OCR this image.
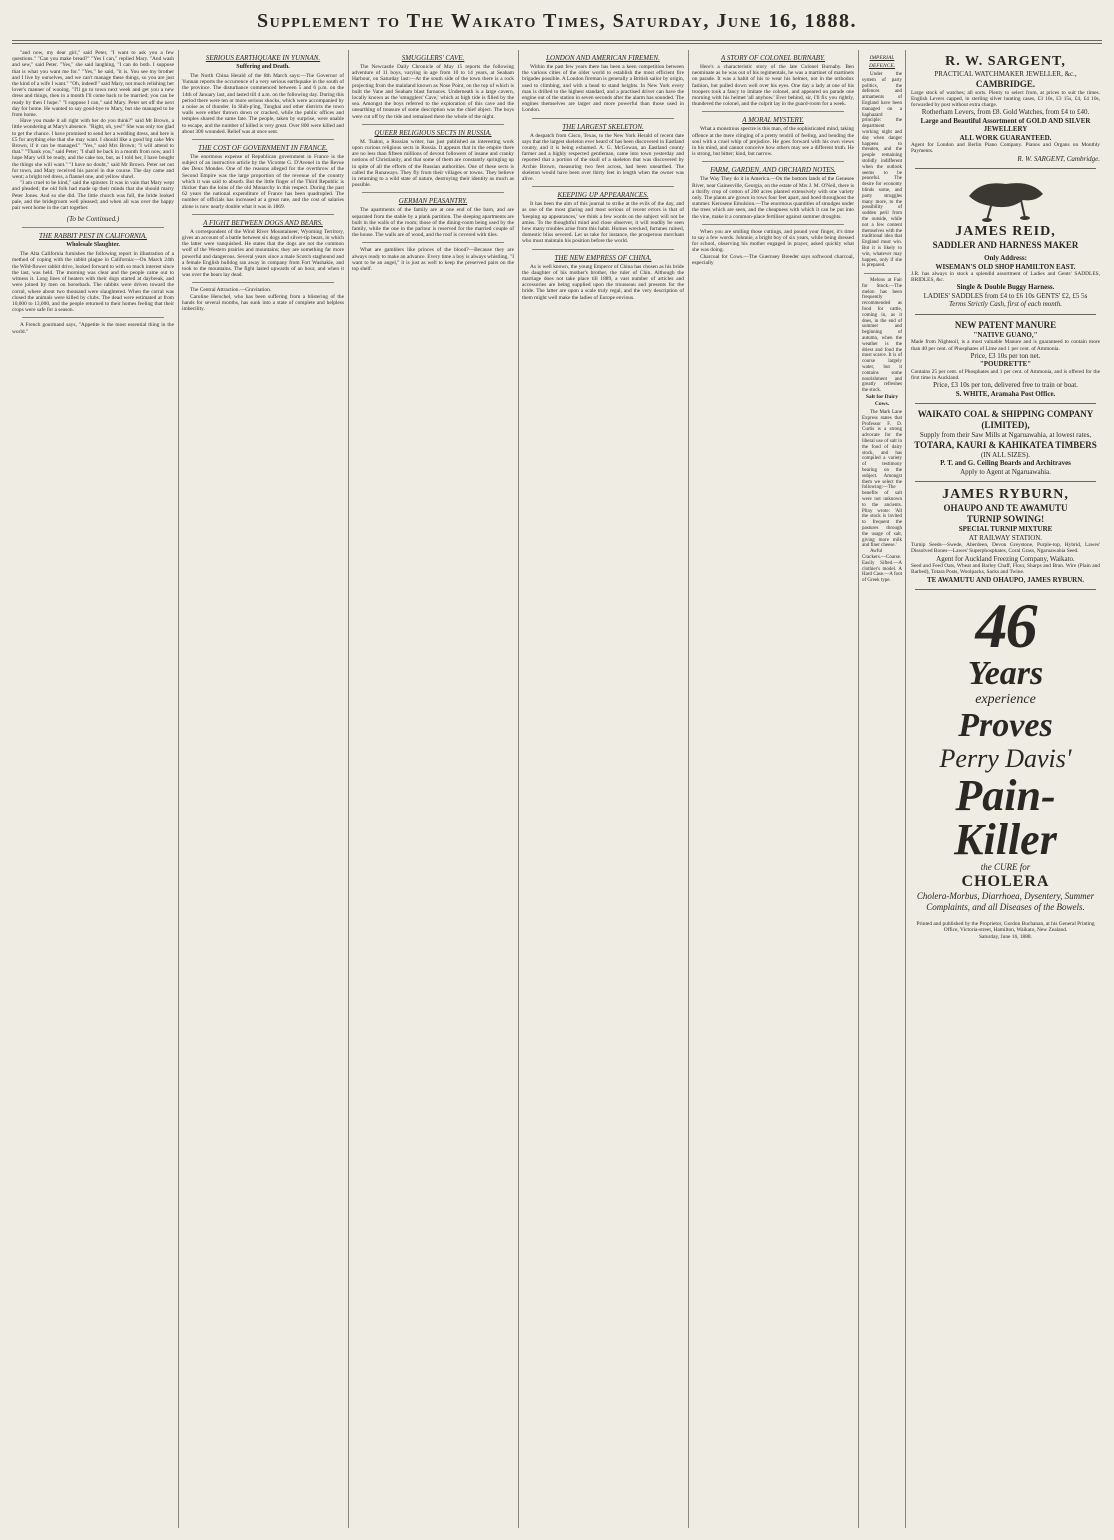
Supplement to The Waikato Times, Saturday, June 16, 1888.

"and now, my dear girl," said Peter, "I want to ask you a few questions." "Can you make bread?" "Yes I can," replied Mary. "And wash and sew," said Peter. "Yes," she said laughing, "I can do both. I suppose that is what you want me for." "Yes," he said, "it is. You see my brother and I live by ourselves, and we can't manage these things, so you are just the kind of a wife I want." "Oh, indeed!" said Mary, not much relishing her lover's manner of wooing. "I'll go to town next week and get you a new dress and things, then in a month I'll come back to be married; you can be ready by then I hope." "I suppose I can," said Mary. Peter set off the next day for home. He wanted to say good-bye to Mary, but she managed to be from home.

Have you made it all right with her do you think?" said Mr Brown, a little wondering at Mary's absence. "Right, oh, yes!" She was only too glad to get the chance. I have promised to send her a wedding dress, and here is £5 for anything else that she may want. I should like a good big cake Mrs Brown, if it can be managed." "Yes," said Mrs Brown; "I will attend to that." "Thank you," said Peter; "I shall be back in a month from now, and I hope Mary will be ready, and the cake too, but, as I told her, I have bought the things she will want." "I have no doubt," said Mr Brown. Peter set out for town, and Mary received his parcel in due course. The day came and went; a bright red dress, a flannel one, and yellow shawl.

"I am cruel to be kind," said the spinster. It was in vain that Mary wept and pleaded; the old folk had made up their minds that she should marry Peter Jones. And so she did. The little church was full, the bride looked pale, and the bridegroom well pleased; and when all was over the happy pair went home in the cart together.

(To be Continued.)
THE RABBIT PEST IN CALIFORNIA.
Wholesale Slaughter.

The Alta California furnishes the following report in illustration of a method of coping with the rabbit plague in California:—On March 24th the Wild-flower rabbit drive, looked forward to with so much interest since the last, was held. The morning was clear and the people came out to witness it. Long lines of beaters with their dogs started at daybreak, and were joined by men on horseback. The rabbits were driven toward the corral, where about two thousand were slaughtered. When the corral was closed the animals were killed by clubs. The dead were estimated at from 10,000 to 13,000, and the people returned to their homes feeling that their crops were safe for a season.

A French gourmand says, "Appetite is the most essential thing in the world."

SERIOUS EARTHQUAKE IN YUNNAN.
Suffering and Death.

The North China Herald of the 8th March says:—The Governor of Yunnan reports the occurrence of a very serious earthquake in the south of the province. The disturbance commenced between 5 and 6 p.m. on the 14th of January last, and lasted till 4 a.m. on the following day. During this period there were ten or more serious shocks, which were accompanied by a noise as of thunder. In Shih-p'ing, Tunghai and other districts the town walls were either thrown down or cracked, while the public offices and temples shared the same fate. The people, taken by surprise, were unable to escape, and the number of killed is very great. Over 800 were killed and about 300 wounded. Relief was at once sent.

THE COST OF GOVERNMENT IN FRANCE.

The enormous expense of Republican government in France is the subject of an instructive article by the Vicomte G. D'Avenel in the Revue des Deux Mondes. One of the reasons alleged for the overthrow of the Second Empire was the large proportion of the revenue of the country which it was said to absorb. But the little finger of the Third Republic is thicker than the loins of the old Monarchy in this respect. During the past 62 years the national expenditure of France has been quadrupled. The number of officials has increased at a great rate, and the cost of salaries alone is now nearly double what it was in 1869.

A FIGHT BETWEEN DOGS AND BEARS.

A correspondent of the Wind River Mountaineer, Wyoming Territory, gives an account of a battle between six dogs and silver-tip bears, in which the latter were vanquished. He states that the dogs are not the common wolf of the Western prairies and mountains; they are something far more powerful and dangerous. Several years since a male Scotch staghound and a female English bulldog ran away in company from Fort Washakie, and took to the mountains. The fight lasted upwards of an hour, and when it was over the bears lay dead.

The Central Attraction.—Gravitation.

Caroline Herschel, who has been suffering from a blistering of the hands for several months, has sunk into a state of complete and helpless imbecility.

SMUGGLERS' CAVE.

The Newcastle Daily Chronicle of May 15 reports the following adventure of 11 boys, varying in age from 10 to 14 years, at Seaham Harbour, on Saturday last:—At the south side of the town there is a rock projecting from the mainland known as Nose Point, on the top of which is built the Vane and Seaham blast furnaces. Underneath is a large cavern, locally known as the 'smugglers' Cave,' which at high tide is filled by the sea. Amongst the boys referred to the exploration of this cave and the unearthing of treasure of some description was the chief object. The boys were cut off by the tide and remained there the whole of the night.

QUEER RELIGIOUS SECTS IN RUSSIA.

M. Tsakni, a Russian writer, has just published an interesting work upon curious religious sects in Russia. It appears that in the empire there are no less than fifteen millions of devout followers of insane and cranky notions of Christianity, and that some of them are constantly springing up in spite of all the efforts of the Russian authorities. One of these sects is called the Runaways. They fly from their villages or towns. They believe in returning to a wild state of nature, destroying their identity as much as possible.

GERMAN PEASANTRY.

The apartments of the family are at one end of the barn, and are separated from the stable by a plank partition. The sleeping apartments are built in the walls of the room; those of the dining-room being used by the family, while the one in the parlour is reserved for the married couple of the house. The walls are of wood, and the roof is covered with tiles.

What are gamblers like princes of the blood?—Because they are always ready to make an advance. Every time a boy is always whistling, "I want to be an angel," it is just as well to keep the preserved pairs on the top shelf.

LONDON AND AMERICAN FIREMEN.

Within the past few years there has been a keen competition between the various cities of the older world to establish the most efficient fire brigades possible. A London fireman is generally a British sailor by origin, used to climbing, and with a head to stand heights. In New York every man is drilled to the highest standard, and a practised driver can have the engine out of the station in seven seconds after the alarm has sounded. The engines themselves are larger and more powerful than those used in London.

THE LARGEST SKELETON.

A despatch from Cisco, Texas, to the New York Herald of recent date says that the largest skeleton ever heard of has been discovered in Eastland county, and it is being exhumed. A. G. McGowan, an Eastland county farmer and a highly respected gentleman, came into town yesterday and reported that a portion of the skull of a skeleton that was discovered by Archie Brown, measuring two feet across, had been unearthed. The skeleton would have been over thirty feet in length when the owner was alive.

KEEPING UP APPEARANCES.

It has been the aim of this journal to strike at the evils of the day, and as one of the most glaring and most serious of recent errors is that of 'keeping up appearances,' we think a few words on the subject will not be amiss. To the thoughtful mind and close observer, it will readily be seen how many troubles arise from this habit. Homes wrecked, fortunes ruined, domestic bliss severed. Let us take for instance, the prosperous merchant who must maintain his position before the world.

THE NEW EMPRESS OF CHINA.

As is well known, the young Emperor of China has chosen as his bride the daughter of his mother's brother, the ruler of Chin. Although the marriage does not take place till 1889, a vast number of articles and accessories are being supplied upon the trousseau and presents for the bride. The latter are upon a scale truly regal, and the very description of them might well make the ladies of Europe envious.

A STORY OF COLONEL BURNABY.

Here's a characteristic story of the late Colonel Burnaby. Ben neominate as he was out of his regimentals, he was a martinet of martinets on parade. It was a habit of his to wear his helmet, not in the orthodox fashion, but pulled down well over his eyes. One day a lady at one of his troopers took a fancy to imitate the colonel, and appeared on parade one morning with his helmet 'all anyhow.' Ever behind, sir, I'll fix you rightly, thundered the colonel, and the culprit lay in the guard-room for a week.

A MORAL MYSTERY.

What a monstrous spectre is this man, of the sophisticated mind, taking offence at the mere clinging of a pretty tendril of feeling, and bending the soul with a cruel whip of prejudice. He goes forward with his own views in his mind, and cannot conceive how others may see a different truth. He is strong, but bitter; kind, but narrow.

FARM, GARDEN, AND ORCHARD NOTES.

The Way They do it in America.—On the bottom lands of the Genesee River, near Gainesville, Georgia, on the estate of Mrs J. M. O'Neil, there is a thrifty crop of cotton of 200 acres planted extensively with one variety only. The plants are grown in rows four feet apart, and hoed throughout the summer. Kerosene Emulsion.—The enormous quantities of smudges under the trees which are seen, and the cheapness with which it can be put into the vine, make it a common-place fertiliser against summer droughts.

When you are smiling those cuttings, and pound your finger, it's time to say a few words. Johnnie, a bright boy of six years, while being dressed for school, observing his mother engaged in prayer, asked quickly what she was doing.

Charcoal for Cows.—The Guernsey Breeder says softwood charcoal, especially

IMPERIAL DEFENCE.

Under the system of party politics, the defences and armaments of England have been managed on a haphazard principle: the department working night and day when danger happens to threaten, and the people remaining stolidly indifferent when the outlook seems to be peaceful. The desire for economy blinds some, and party struggles many more, to the possibility of sudden peril from the outside, while not a few content themselves with the traditional idea that England must win. But it is likely to win, whatever may happen, only if she is prepared.

Melons at Fair for Stock.—The melon has been frequently recommended as food for cattle, coming in, as it does, in the end of summer and beginning of autumn, when the weather is the driest and food the most scarce. It is of course largely water, but it contains some nourishment and greatly refreshes the stock.

Salt for Dairy Cows.

The Mark Lane Express states that Professor F. D. Curtis is a strong advocate for the liberal use of salt in the food of dairy stock, and has compiled a variety of testimony bearing on the subject. Amongst them we select the following:—The benefits of salt were not unknown to the ancients. Pliny wrote: 'All the stock is invited to frequent the pastures through the usage of salt, giving more milk and finer cheese.'

Awful Crackers.—Coarse. Easily Sifted.—A clothier's model. A Hard Case.—A foot of Greek type.

R. W. SARGENT,
PRACTICAL WATCHMAKER JEWELLER, &c.,
CAMBRIDGE.
Large stock of watches; all sorts. Plenty to select from, at prices to suit the times. English Levers capped, in sterling silver hunting cases, £3 10s, £3 15s, £4, £4 10s, forwarded by post without extra charge.
Rotherham Levers, from £8. Gold Watches, from £4 to £40.
Large and Beautiful Assortment of GOLD AND SILVER JEWELLERY
ALL WORK GUARANTEED.
Agent for London and Berlin Piano Company. Pianos and Organs on Monthly Payments.
R. W. SARGENT, Cambridge.
JAMES REID,
SADDLER AND HARNESS MAKER
Only Address:
WISEMAN'S OLD SHOP HAMILTON EAST.
J.R. has always in stock a splendid assortment of Ladies and Gents' SADDLES, BRIDLES, &c.
Single & Double Buggy Harness.
LADIES' SADDLES from £4 to £6 10s GENTS' £2, £5 5s
Terms Strictly Cash, first of each month.
NEW PATENT MANURE
"NATIVE GUANO,"
Made from Nightsoil, is a most valuable Manure and is guaranteed to contain more than 40 per cent. of Phosphates of Lime and 1 per cent. of Ammonia.
Price, £3 10s per ton net.
"POUDRETTE"
Contains 25 per cent. of Phosphates and 1 per cent. of Ammonia, and is offered for the first time in Auckland.
Price, £3 10s per ton, delivered free to train or boat.
S. WHITE, Aramaha Post Office.
WAIKATO COAL & SHIPPING COMPANY (LIMITED),
Supply from their Saw Mills at Ngaruawahia, at lowest rates,
TOTARA, KAURI & KAHIKATEA TIMBERS
(IN ALL SIZES).
P. T. and G. Ceiling Boards and Architraves
Apply to Agent at Ngaruawahia.
JAMES RYBURN,
OHAUPO AND TE AWAMUTU
TURNIP SOWING!
SPECIAL TURNIP MIXTURE
AT RAILWAY STATION.
Turnip Seeds—Swede, Aberdeen, Devon Greystone, Purple-top, Hybrid, Lawes' Dissolved Bones—Lawes' Superphosphates, Coral Grass, Ngaruawahia Seed.
Agent for Auckland Freezing Company, Waikato.
Seed and Feed Oats, Wheat and Barley Chaff, Flour, Sharps and Bran. Wire (Plain and Barbed), Totara Posts, Woolpacks, Sacks and Twine.
TE AWAMUTU AND OHAUPO, JAMES RYBURN.
46
Years
experience
Proves
Perry Davis'
Pain-
Killer
the CURE for
CHOLERA
Cholera-Morbus, Diarrhoea, Dysentery, Summer Complaints, and all Diseases of the Bowels.
Printed and published by the Proprietor, Gordon Buchanan, at his General Printing Office, Victoria-street, Hamilton, Waikato, New Zealand.
Saturday, June 16, 1888.
